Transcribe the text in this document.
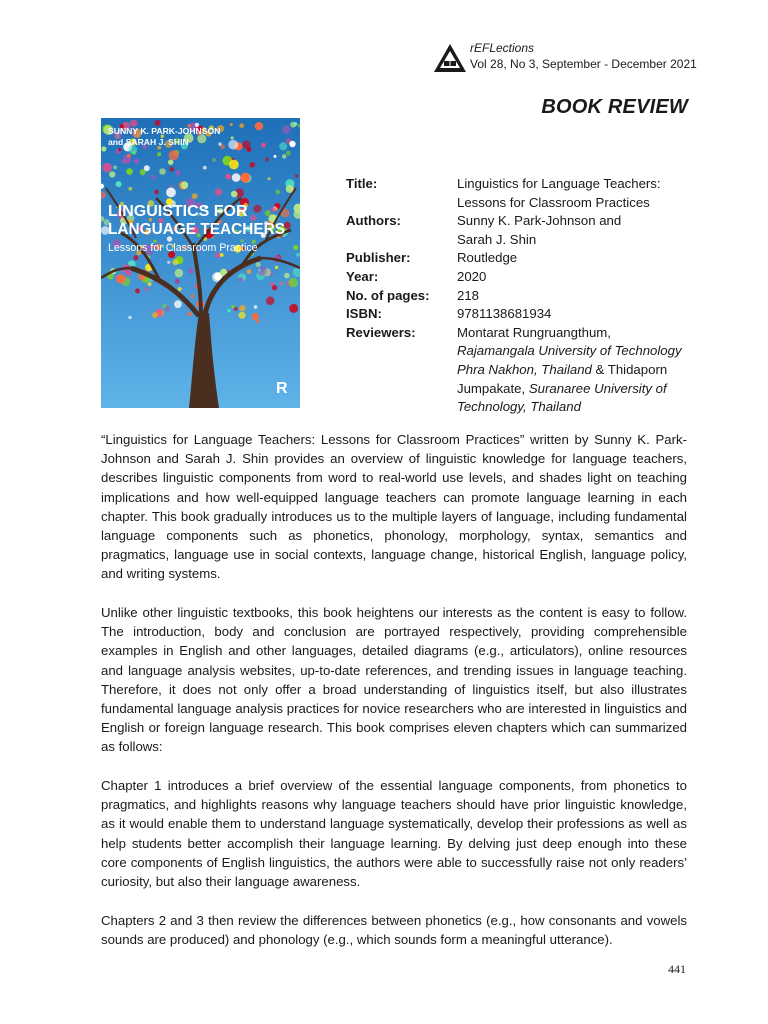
rEFLections
Vol 28, No 3, September - December 2021
BOOK REVIEW
SUNNY K. PARK-JOHNSON
and SARAH J. SHIN
LINGUISTICS FOR
LANGUAGE TEACHERS
Lessons for Classroom Practice
R
Title:	Linguistics for Language Teachers:
Lessons for Classroom Practices
Authors:	Sunny K. Park-Johnson and
Sarah J. Shin
Publisher:	Routledge
Year:	2020
No. of pages:	218
ISBN:	9781138681934
Reviewers:	Montarat Rungruangthum, Rajamangala University of Technology Phra Nakhon, Thailand & Thidaporn Jumpakate, Suranaree University of Technology, Thailand

“Linguistics for Language Teachers: Lessons for Classroom Practices” written by Sunny K. Park-Johnson and Sarah J. Shin provides an overview of linguistic knowledge for language teachers, describes linguistic components from word to real-world use levels, and shades light on teaching implications and how well-equipped language teachers can promote language learning in each chapter. This book gradually introduces us to the multiple layers of language, including fundamental language components such as phonetics, phonology, morphology, syntax, semantics and pragmatics, language use in social contexts, language change, historical English, language policy, and writing systems.

Unlike other linguistic textbooks, this book heightens our interests as the content is easy to follow. The introduction, body and conclusion are portrayed respectively, providing comprehensible examples in English and other languages, detailed diagrams (e.g., articulators), online resources and language analysis websites, up-to-date references, and trending issues in language teaching. Therefore, it does not only offer a broad understanding of linguistics itself, but also illustrates fundamental language analysis practices for novice researchers who are interested in linguistics and English or foreign language research. This book comprises eleven chapters which can summarized as follows:

Chapter 1 introduces a brief overview of the essential language components, from phonetics to pragmatics, and highlights reasons why language teachers should have prior linguistic knowledge, as it would enable them to understand language systematically, develop their professions as well as help students better accomplish their language learning. By delving just deep enough into these core components of English linguistics, the authors were able to successfully raise not only readers’ curiosity, but also their language awareness.

Chapters 2 and 3 then review the differences between phonetics (e.g., how consonants and vowels sounds are produced) and phonology (e.g., which sounds form a meaningful utterance).

441
